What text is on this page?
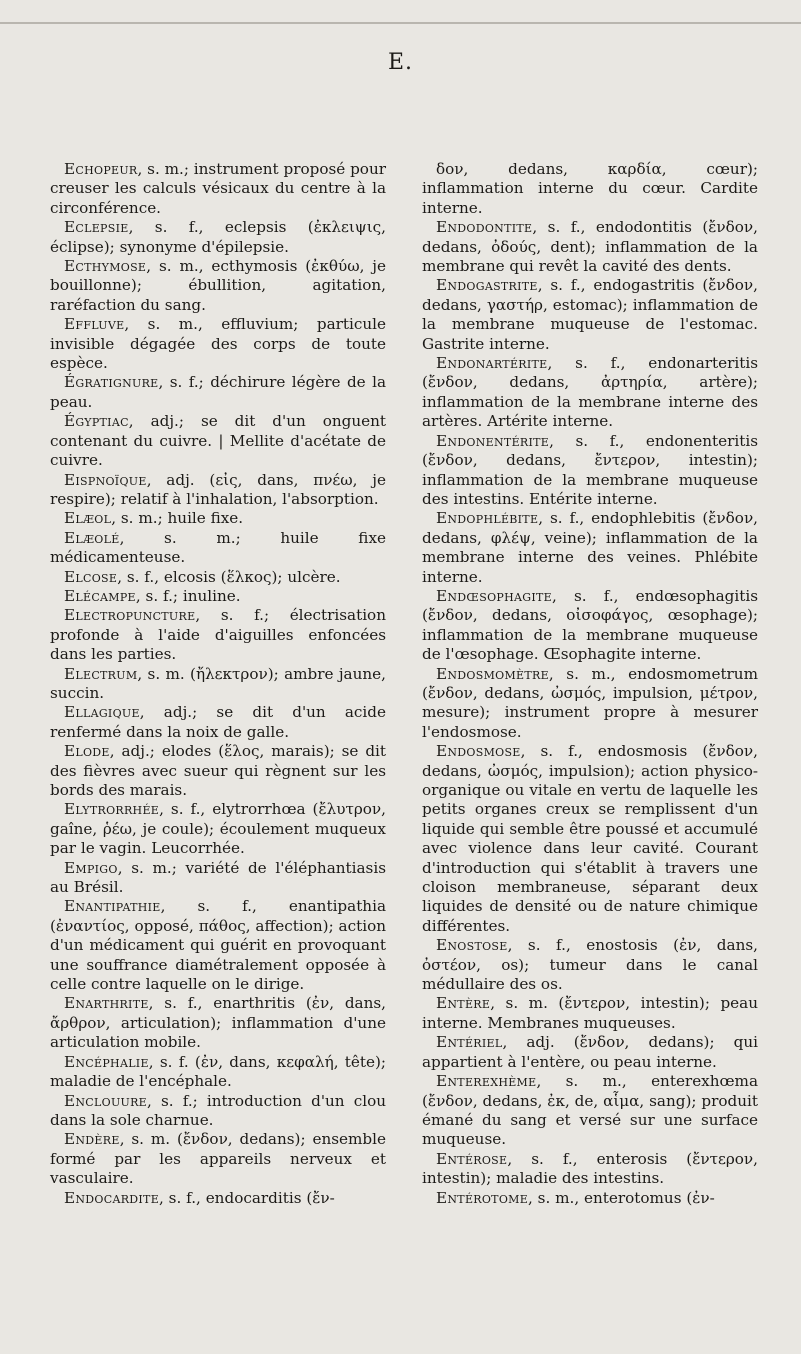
E.

Echopeur, s. m.; instrument proposé pour creuser les calculs vésicaux du centre à la circonférence.

Eclepsie, s. f., eclepsis (ἐκλειψις, éclipse); synonyme d'épilepsie.

Ecthymose, s. m., ecthymosis (ἐκθύω, je bouillonne); ébullition, agitation, raréfaction du sang.

Effluve, s. m., effluvium; particule invisible dégagée des corps de toute espèce.

Égratignure, s. f.; déchirure légère de la peau.

Égyptiac, adj.; se dit d'un onguent contenant du cuivre. | Mellite d'acétate de cuivre.

Eispnoïque, adj. (εἰς, dans, πνέω, je respire); relatif à l'inhalation, l'absorption.

Elæol, s. m.; huile fixe.

Elæolé, s. m.; huile fixe médicamenteuse.

Elcose, s. f., elcosis (ἕλκος); ulcère.

Elécampe, s. f.; inuline.

Electropuncture, s. f.; électrisation profonde à l'aide d'aiguilles enfoncées dans les parties.

Electrum, s. m. (ἤλεκτρον); ambre jaune, succin.

Ellagique, adj.; se dit d'un acide renfermé dans la noix de galle.

Elode, adj.; elodes (ἕλος, marais); se dit des fièvres avec sueur qui règnent sur les bords des marais.

Elytrorrhée, s. f., elytrorrhœa (ἔλυτρον, gaîne, ῥέω, je coule); écoulement muqueux par le vagin. Leucorrhée.

Empigo, s. m.; variété de l'éléphantiasis au Brésil.

Enantipathie, s. f., enantipathia (ἐναντίος, opposé, πάθος, affection); action d'un médicament qui guérit en provoquant une souffrance diamétralement opposée à celle contre laquelle on le dirige.

Enarthrite, s. f., enarthritis (ἐν, dans, ἄρθρον, articulation); inflammation d'une articulation mobile.

Encéphalie, s. f. (ἐν, dans, κεφαλή, tête); maladie de l'encéphale.

Enclouure, s. f.; introduction d'un clou dans la sole charnue.

Endère, s. m. (ἔνδον, dedans); ensemble formé par les appareils nerveux et vasculaire.

Endocardite, s. f., endocarditis (ἔν-

δον, dedans, καρδία, cœur); inflammation interne du cœur. Cardite interne.

Endodontite, s. f., endodontitis (ἔνδον, dedans, ὀδούς, dent); inflammation de la membrane qui revêt la cavité des dents.

Endogastrite, s. f., endogastritis (ἔνδον, dedans, γαστήρ, estomac); inflammation de la membrane muqueuse de l'estomac. Gastrite interne.

Endonartérite, s. f., endonarteritis (ἔνδον, dedans, ἀρτηρία, artère); inflammation de la membrane interne des artères. Artérite interne.

Endonentérite, s. f., endonenteritis (ἔνδον, dedans, ἔντερον, intestin); inflammation de la membrane muqueuse des intestins. Entérite interne.

Endophlébite, s. f., endophlebitis (ἔνδον, dedans, φλέψ, veine); inflammation de la membrane interne des veines. Phlébite interne.

Endœsophagite, s. f., endœsophagitis (ἔνδον, dedans, οἰσοφάγος, œsophage); inflammation de la membrane muqueuse de l'œsophage. Œsophagite interne.

Endosmomètre, s. m., endosmometrum (ἔνδον, dedans, ὠσμός, impulsion, μέτρον, mesure); instrument propre à mesurer l'endosmose.

Endosmose, s. f., endosmosis (ἔνδον, dedans, ὠσμός, impulsion); action physico-organique ou vitale en vertu de laquelle les petits organes creux se remplissent d'un liquide qui semble être poussé et accumulé avec violence dans leur cavité. Courant d'introduction qui s'établit à travers une cloison membraneuse, séparant deux liquides de densité ou de nature chimique différentes.

Enostose, s. f., enostosis (ἐν, dans, ὀστέον, os); tumeur dans le canal médullaire des os.

Entère, s. m. (ἔντερον, intestin); peau interne. Membranes muqueuses.

Entériel, adj. (ἔνδον, dedans); qui appartient à l'entère, ou peau interne.

Enterexhème, s. m., enterexhœma (ἔνδον, dedans, ἐκ, de, αἷμα, sang); produit émané du sang et versé sur une surface muqueuse.

Entérose, s. f., enterosis (ἔντερον, intestin); maladie des intestins.

Entérotome, s. m., enterotomus (ἐν-
